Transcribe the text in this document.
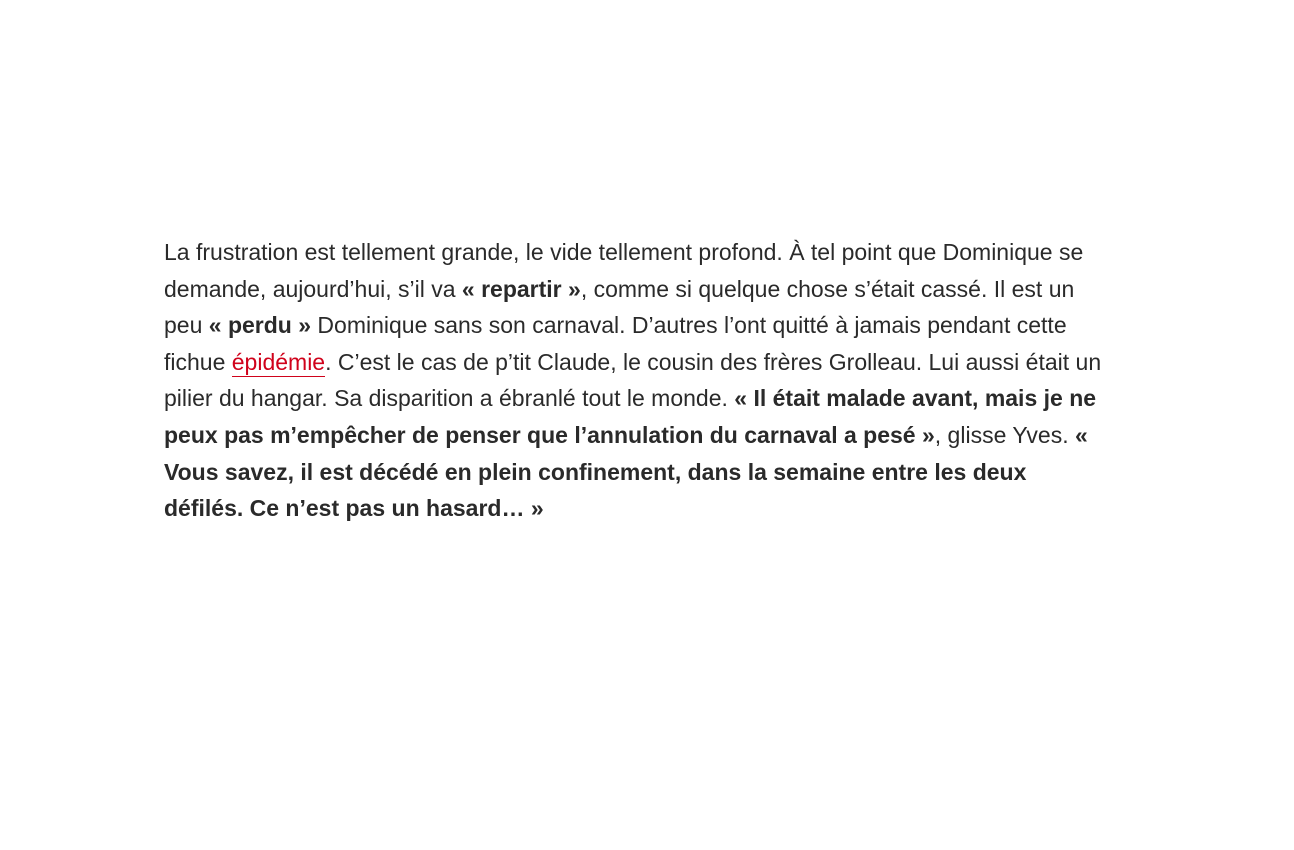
La frustration est tellement grande, le vide tellement profond. À tel point que Dominique se demande, aujourd’hui, s’il va « repartir », comme si quelque chose s’était cassé. Il est un peu « perdu » Dominique sans son carnaval. D’autres l’ont quitté à jamais pendant cette fichue épidémie. C’est le cas de p’tit Claude, le cousin des frères Grolleau. Lui aussi était un pilier du hangar. Sa disparition a ébranlé tout le monde. « Il était malade avant, mais je ne peux pas m’empêcher de penser que l’annulation du carnaval a pesé », glisse Yves. « Vous savez, il est décédé en plein confinement, dans la semaine entre les deux défilés. Ce n’est pas un hasard… »
